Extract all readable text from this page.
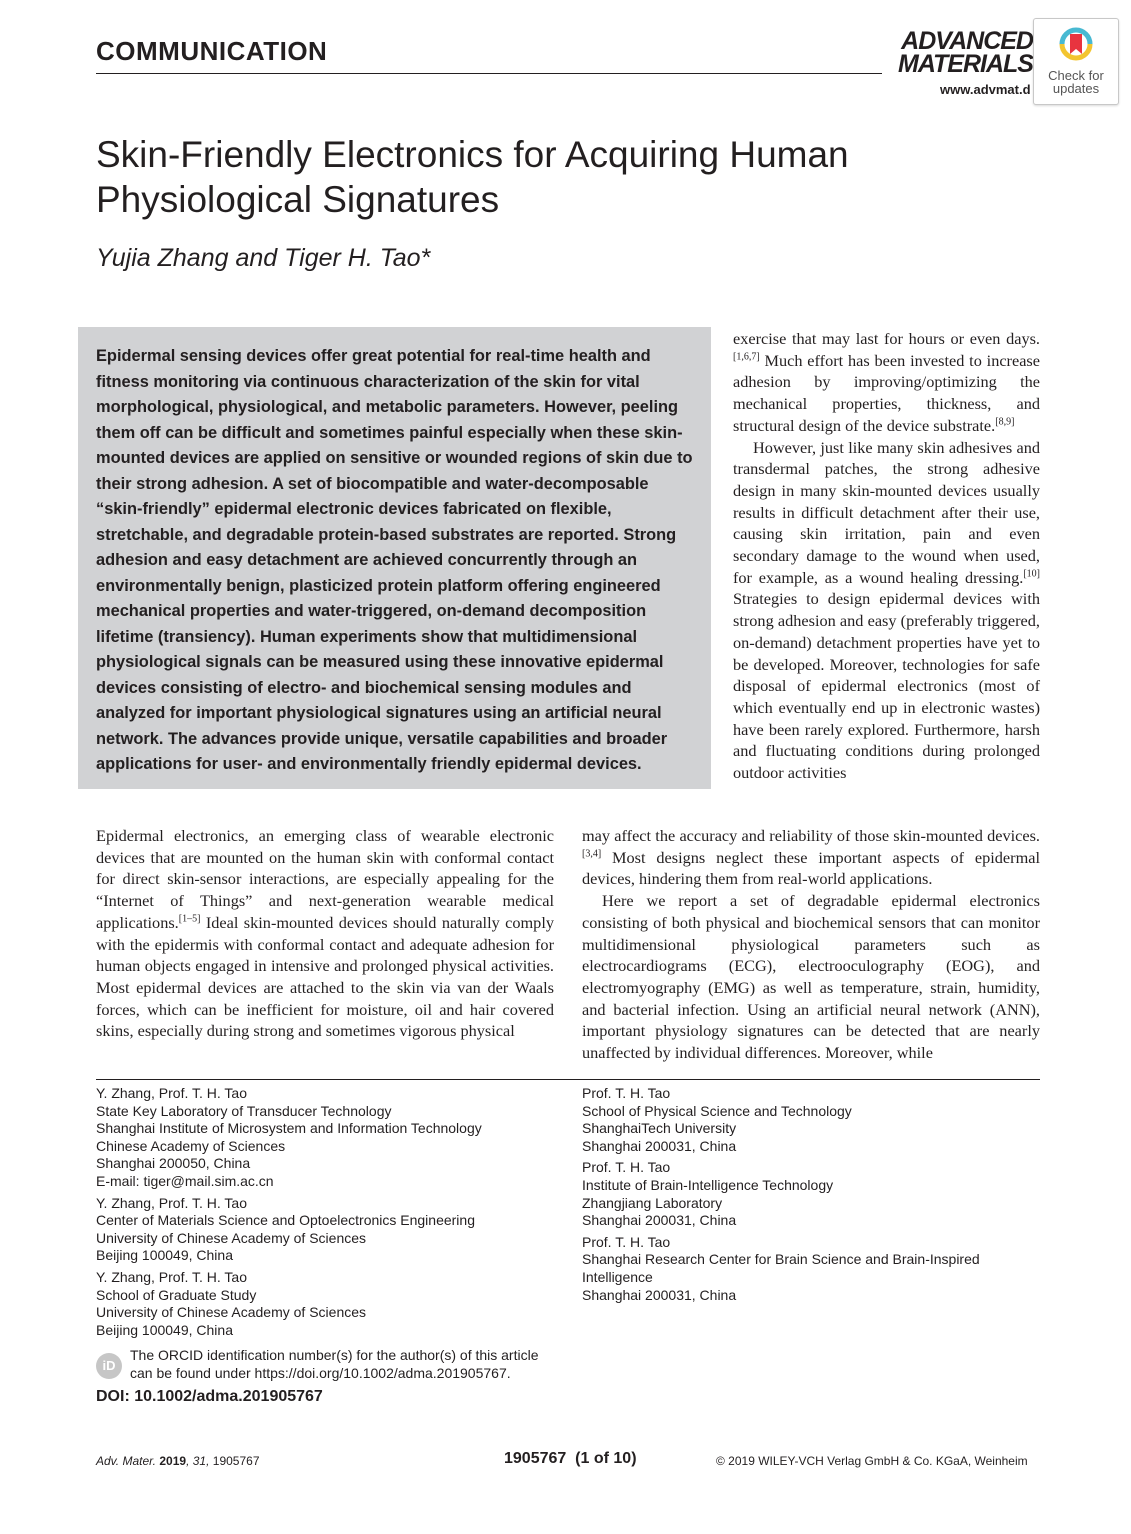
COMMUNICATION	ADVANCED
MATERIALS
www.advmat.d
Check for
updates
Skin-Friendly Electronics for Acquiring Human
Physiological Signatures
Yujia Zhang and Tiger H. Tao*
Epidermal sensing devices offer great potential for real-time health and fitness monitoring via continuous characterization of the skin for vital morphological, physiological, and metabolic parameters. However, peeling them off can be difficult and sometimes painful especially when these skin-mounted devices are applied on sensitive or wounded regions of skin due to their strong adhesion. A set of biocompatible and water-decomposable “skin-friendly” epidermal electronic devices fabricated on flexible, stretchable, and degradable protein-based substrates are reported. Strong adhesion and easy detachment are achieved concurrently through an environmentally benign, plasticized protein platform offering engineered mechanical properties and water-triggered, on-demand decomposition lifetime (transiency). Human experiments show that multidimensional physiological signals can be measured using these innovative epidermal devices consisting of electro- and biochemical sensing modules and analyzed for important physiological signatures using an artificial neural network. The advances provide unique, versatile capabilities and broader applications for user- and environmentally friendly epidermal devices.

exercise that may last for hours or even days.[1,6,7] Much effort has been invested to increase adhesion by improving/optimizing the mechanical properties, thickness, and structural design of the device substrate.[8,9]

However, just like many skin adhesives and transdermal patches, the strong adhesive design in many skin-mounted devices usually results in difficult detachment after their use, causing skin irritation, pain and even secondary damage to the wound when used, for example, as a wound healing dressing.[10] Strategies to design epidermal devices with strong adhesion and easy (preferably triggered, on-demand) detachment properties have yet to be developed. Moreover, technologies for safe disposal of epidermal electronics (most of which eventually end up in electronic wastes) have been rarely explored. Furthermore, harsh and fluctuating conditions during prolonged outdoor activities

Epidermal electronics, an emerging class of wearable electronic devices that are mounted on the human skin with conformal contact for direct skin-sensor interactions, are especially appealing for the “Internet of Things” and next-generation wearable medical applications.[1–5] Ideal skin-mounted devices should naturally comply with the epidermis with conformal contact and adequate adhesion for human objects engaged in intensive and prolonged physical activities. Most epidermal devices are attached to the skin via van der Waals forces, which can be inefficient for moisture, oil and hair covered skins, especially during strong and sometimes vigorous physical

may affect the accuracy and reliability of those skin-mounted devices.[3,4] Most designs neglect these important aspects of epidermal devices, hindering them from real-world applications.

Here we report a set of degradable epidermal electronics consisting of both physical and biochemical sensors that can monitor multidimensional physiological parameters such as electrocardiograms (ECG), electrooculography (EOG), and electromyography (EMG) as well as temperature, strain, humidity, and bacterial infection. Using an artificial neural network (ANN), important physiology signatures can be detected that are nearly unaffected by individual differences. Moreover, while

Y. Zhang, Prof. T. H. Tao
State Key Laboratory of Transducer Technology
Shanghai Institute of Microsystem and Information Technology
Chinese Academy of Sciences
Shanghai 200050, China
E-mail: tiger@mail.sim.ac.cn
Y. Zhang, Prof. T. H. Tao
Center of Materials Science and Optoelectronics Engineering
University of Chinese Academy of Sciences
Beijing 100049, China
Y. Zhang, Prof. T. H. Tao
School of Graduate Study
University of Chinese Academy of Sciences
Beijing 100049, China
Prof. T. H. Tao
School of Physical Science and Technology
ShanghaiTech University
Shanghai 200031, China
Prof. T. H. Tao
Institute of Brain-Intelligence Technology
Zhangjiang Laboratory
Shanghai 200031, China
Prof. T. H. Tao
Shanghai Research Center for Brain Science and Brain-Inspired
Intelligence
Shanghai 200031, China
iD
The ORCID identification number(s) for the author(s) of this article
can be found under https://doi.org/10.1002/adma.201905767.
DOI: 10.1002/adma.201905767
Adv. Mater. 2019, 31, 1905767	1905767  (1 of 10)	© 2019 WILEY-VCH Verlag GmbH & Co. KGaA, Weinheim
